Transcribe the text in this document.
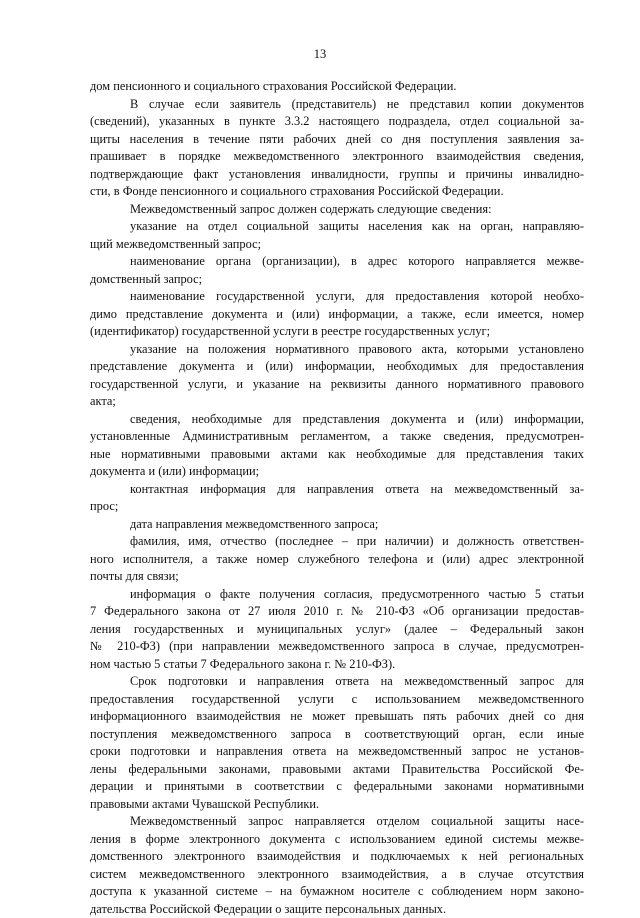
13
дом пенсионного и социального страхования Российской Федерации.
В случае если заявитель (представитель) не представил копии документов
(сведений), указанных в пункте 3.3.2 настоящего подраздела, отдел социальной за-
щиты населения в течение пяти рабочих дней со дня поступления заявления за-
прашивает в порядке межведомственного электронного взаимодействия сведения,
подтверждающие факт установления инвалидности, группы и причины инвалидно-
сти, в Фонде пенсионного и социального страхования Российской Федерации.
Межведомственный запрос должен содержать следующие сведения:
указание на отдел социальной защиты населения как на орган, направляю-
щий межведомственный запрос;
наименование органа (организации), в адрес которого направляется межве-
домственный запрос;
наименование государственной услуги, для предоставления которой необхо-
димо представление документа и (или) информации, а также, если имеется, номер
(идентификатор) государственной услуги в реестре государственных услуг;
указание на положения нормативного правового акта, которыми установлено
представление документа и (или) информации, необходимых для предоставления
государственной услуги, и указание на реквизиты данного нормативного правового
акта;
сведения, необходимые для представления документа и (или) информации,
установленные Административным регламентом, а также сведения, предусмотрен-
ные нормативными правовыми актами как необходимые для представления таких
документа и (или) информации;
контактная информация для направления ответа на межведомственный за-
прос;
дата направления межведомственного запроса;
фамилия, имя, отчество (последнее – при наличии) и должность ответствен-
ного исполнителя, а также номер служебного телефона и (или) адрес электронной
почты для связи;
информация о факте получения согласия, предусмотренного частью 5 статьи
7 Федерального закона от 27 июля 2010 г. № 210-ФЗ «Об организации предостав-
ления государственных и муниципальных услуг» (далее – Федеральный закон
№ 210-ФЗ) (при направлении межведомственного запроса в случае, предусмотрен-
ном частью 5 статьи 7 Федерального закона г. № 210-ФЗ).
Срок подготовки и направления ответа на межведомственный запрос для
предоставления государственной услуги с использованием межведомственного
информационного взаимодействия не может превышать пять рабочих дней со дня
поступления межведомственного запроса в соответствующий орган, если иные
сроки подготовки и направления ответа на межведомственный запрос не установ-
лены федеральными законами, правовыми актами Правительства Российской Фе-
дерации и принятыми в соответствии с федеральными законами нормативными
правовыми актами Чувашской Республики.
Межведомственный запрос направляется отделом социальной защиты насе-
ления в форме электронного документа с использованием единой системы межве-
домственного электронного взаимодействия и подключаемых к ней региональных
систем межведомственного электронного взаимодействия, а в случае отсутствия
доступа к указанной системе – на бумажном носителе с соблюдением норм законо-
дательства Российской Федерации о защите персональных данных.
